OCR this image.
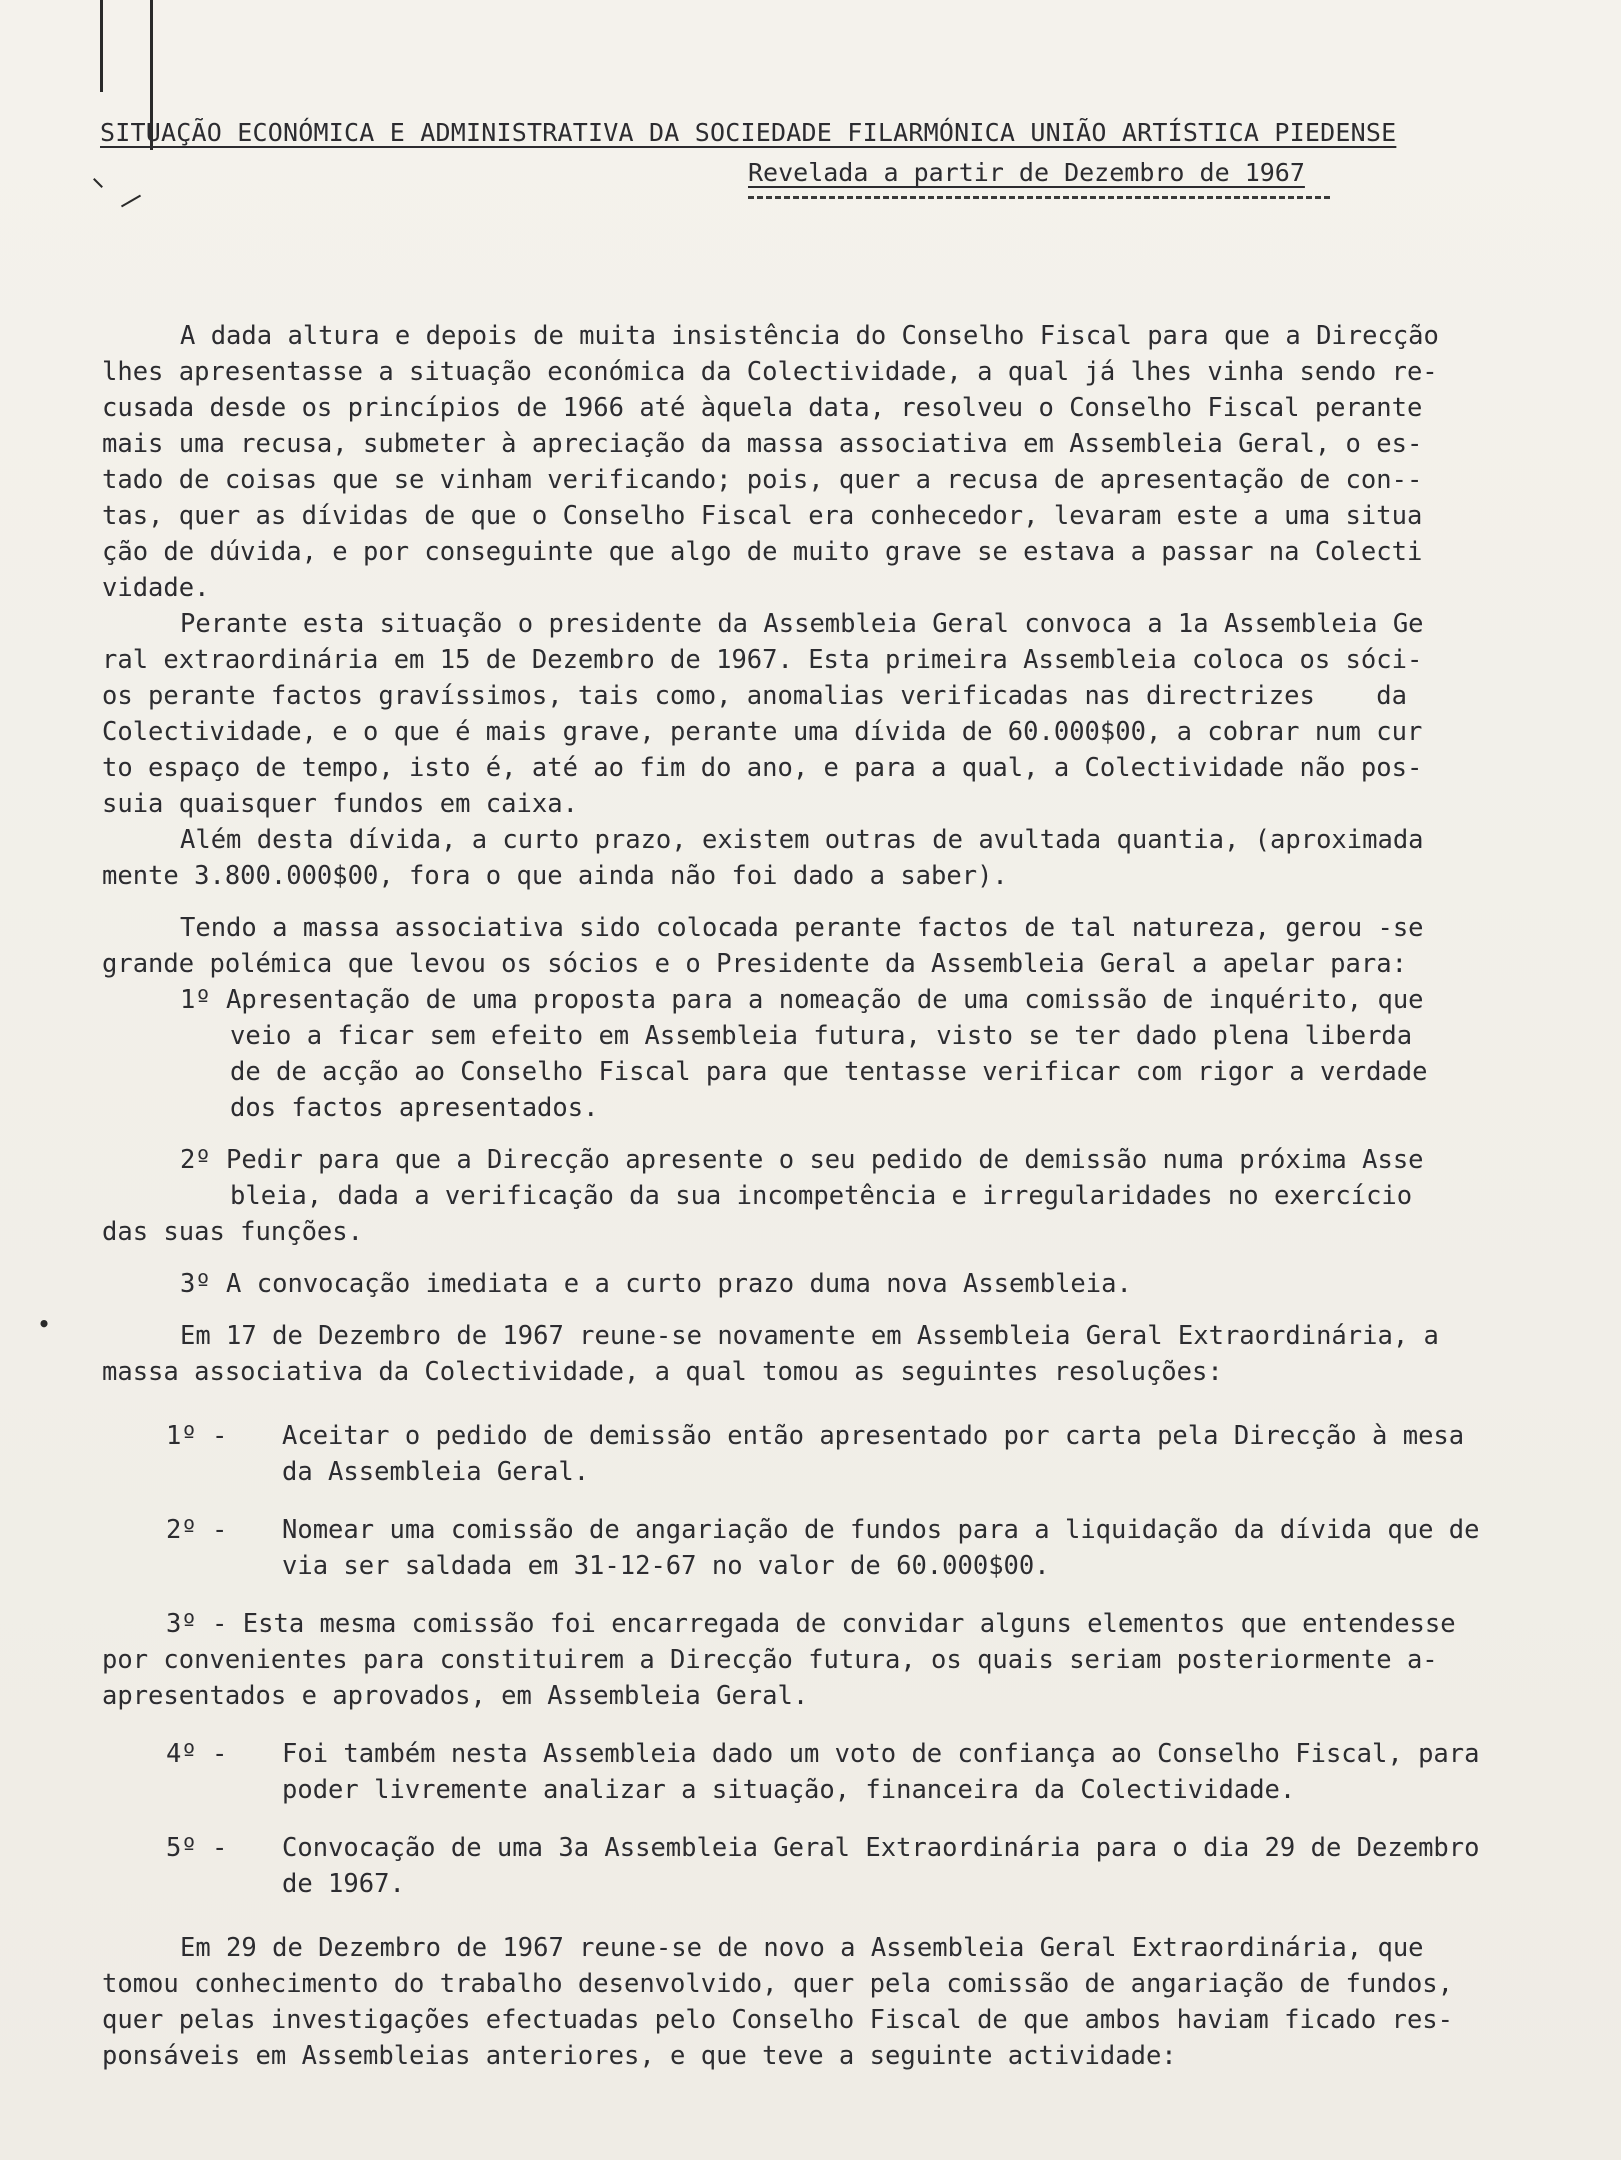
SITUAÇÃO ECONÓMICA E ADMINISTRATIVA DA SOCIEDADE FILARMÓNICA UNIÃO ARTÍSTICA PIEDENSE
Revelada a partir de Dezembro de 1967

A dada altura e depois de muita insistência do Conselho Fiscal para que a Direcção

lhes apresentasse a situação económica da Colectividade, a qual já lhes vinha sendo re-

cusada desde os princípios de 1966 até àquela data, resolveu o Conselho Fiscal perante

mais uma recusa, submeter à apreciação da massa associativa em Assembleia Geral, o es-

tado de coisas que se vinham verificando; pois, quer a recusa de apresentação de con--

tas, quer as dívidas de que o Conselho Fiscal era conhecedor, levaram este a uma situa

ção de dúvida, e por conseguinte que algo de muito grave se estava a passar na Colecti

vidade.

Perante esta situação o presidente da Assembleia Geral convoca a 1a Assembleia Ge

ral extraordinária em 15 de Dezembro de 1967. Esta primeira Assembleia coloca os sóci-

os perante factos gravíssimos, tais como, anomalias verificadas nas directrizes    da

Colectividade, e o que é mais grave, perante uma dívida de 60.000$00, a cobrar num cur

to espaço de tempo, isto é, até ao fim do ano, e para a qual, a Colectividade não pos-

suia quaisquer fundos em caixa.

Além desta dívida, a curto prazo, existem outras de avultada quantia, (aproximada

mente 3.800.000$00, fora o que ainda não foi dado a saber).

Tendo a massa associativa sido colocada perante factos de tal natureza, gerou -se

grande polémica que levou os sócios e o Presidente da Assembleia Geral a apelar para:

1º Apresentação de uma proposta para a nomeação de uma comissão de inquérito, que

veio a ficar sem efeito em Assembleia futura, visto se ter dado plena liberda

de de acção ao Conselho Fiscal para que tentasse verificar com rigor a verdade

dos factos apresentados.

2º Pedir para que a Direcção apresente o seu pedido de demissão numa próxima Asse

bleia, dada a verificação da sua incompetência e irregularidades no exercício

das suas funções.

3º A convocação imediata e a curto prazo duma nova Assembleia.

Em 17 de Dezembro de 1967 reune-se novamente em Assembleia Geral Extraordinária, a

massa associativa da Colectividade, a qual tomou as seguintes resoluções:

1º -	Aceitar o pedido de demissão então apresentado por carta pela Direcção à mesa

da Assembleia Geral.

2º -	Nomear uma comissão de angariação de fundos para a liquidação da dívida que de

via ser saldada em 31-12-67 no valor de 60.000$00.

3º - Esta mesma comissão foi encarregada de convidar alguns elementos que entendesse

por convenientes para constituirem a Direcção futura, os quais seriam posteriormente a-

apresentados e aprovados, em Assembleia Geral.

4º -	Foi também nesta Assembleia dado um voto de confiança ao Conselho Fiscal, para

poder livremente analizar a situação, financeira da Colectividade.

5º -	Convocação de uma 3a Assembleia Geral Extraordinária para o dia 29 de Dezembro

de 1967.

Em 29 de Dezembro de 1967 reune-se de novo a Assembleia Geral Extraordinária, que

tomou conhecimento do trabalho desenvolvido, quer pela comissão de angariação de fundos,

quer pelas investigações efectuadas pelo Conselho Fiscal de que ambos haviam ficado res-

ponsáveis em Assembleias anteriores, e que teve a seguinte actividade:

•
